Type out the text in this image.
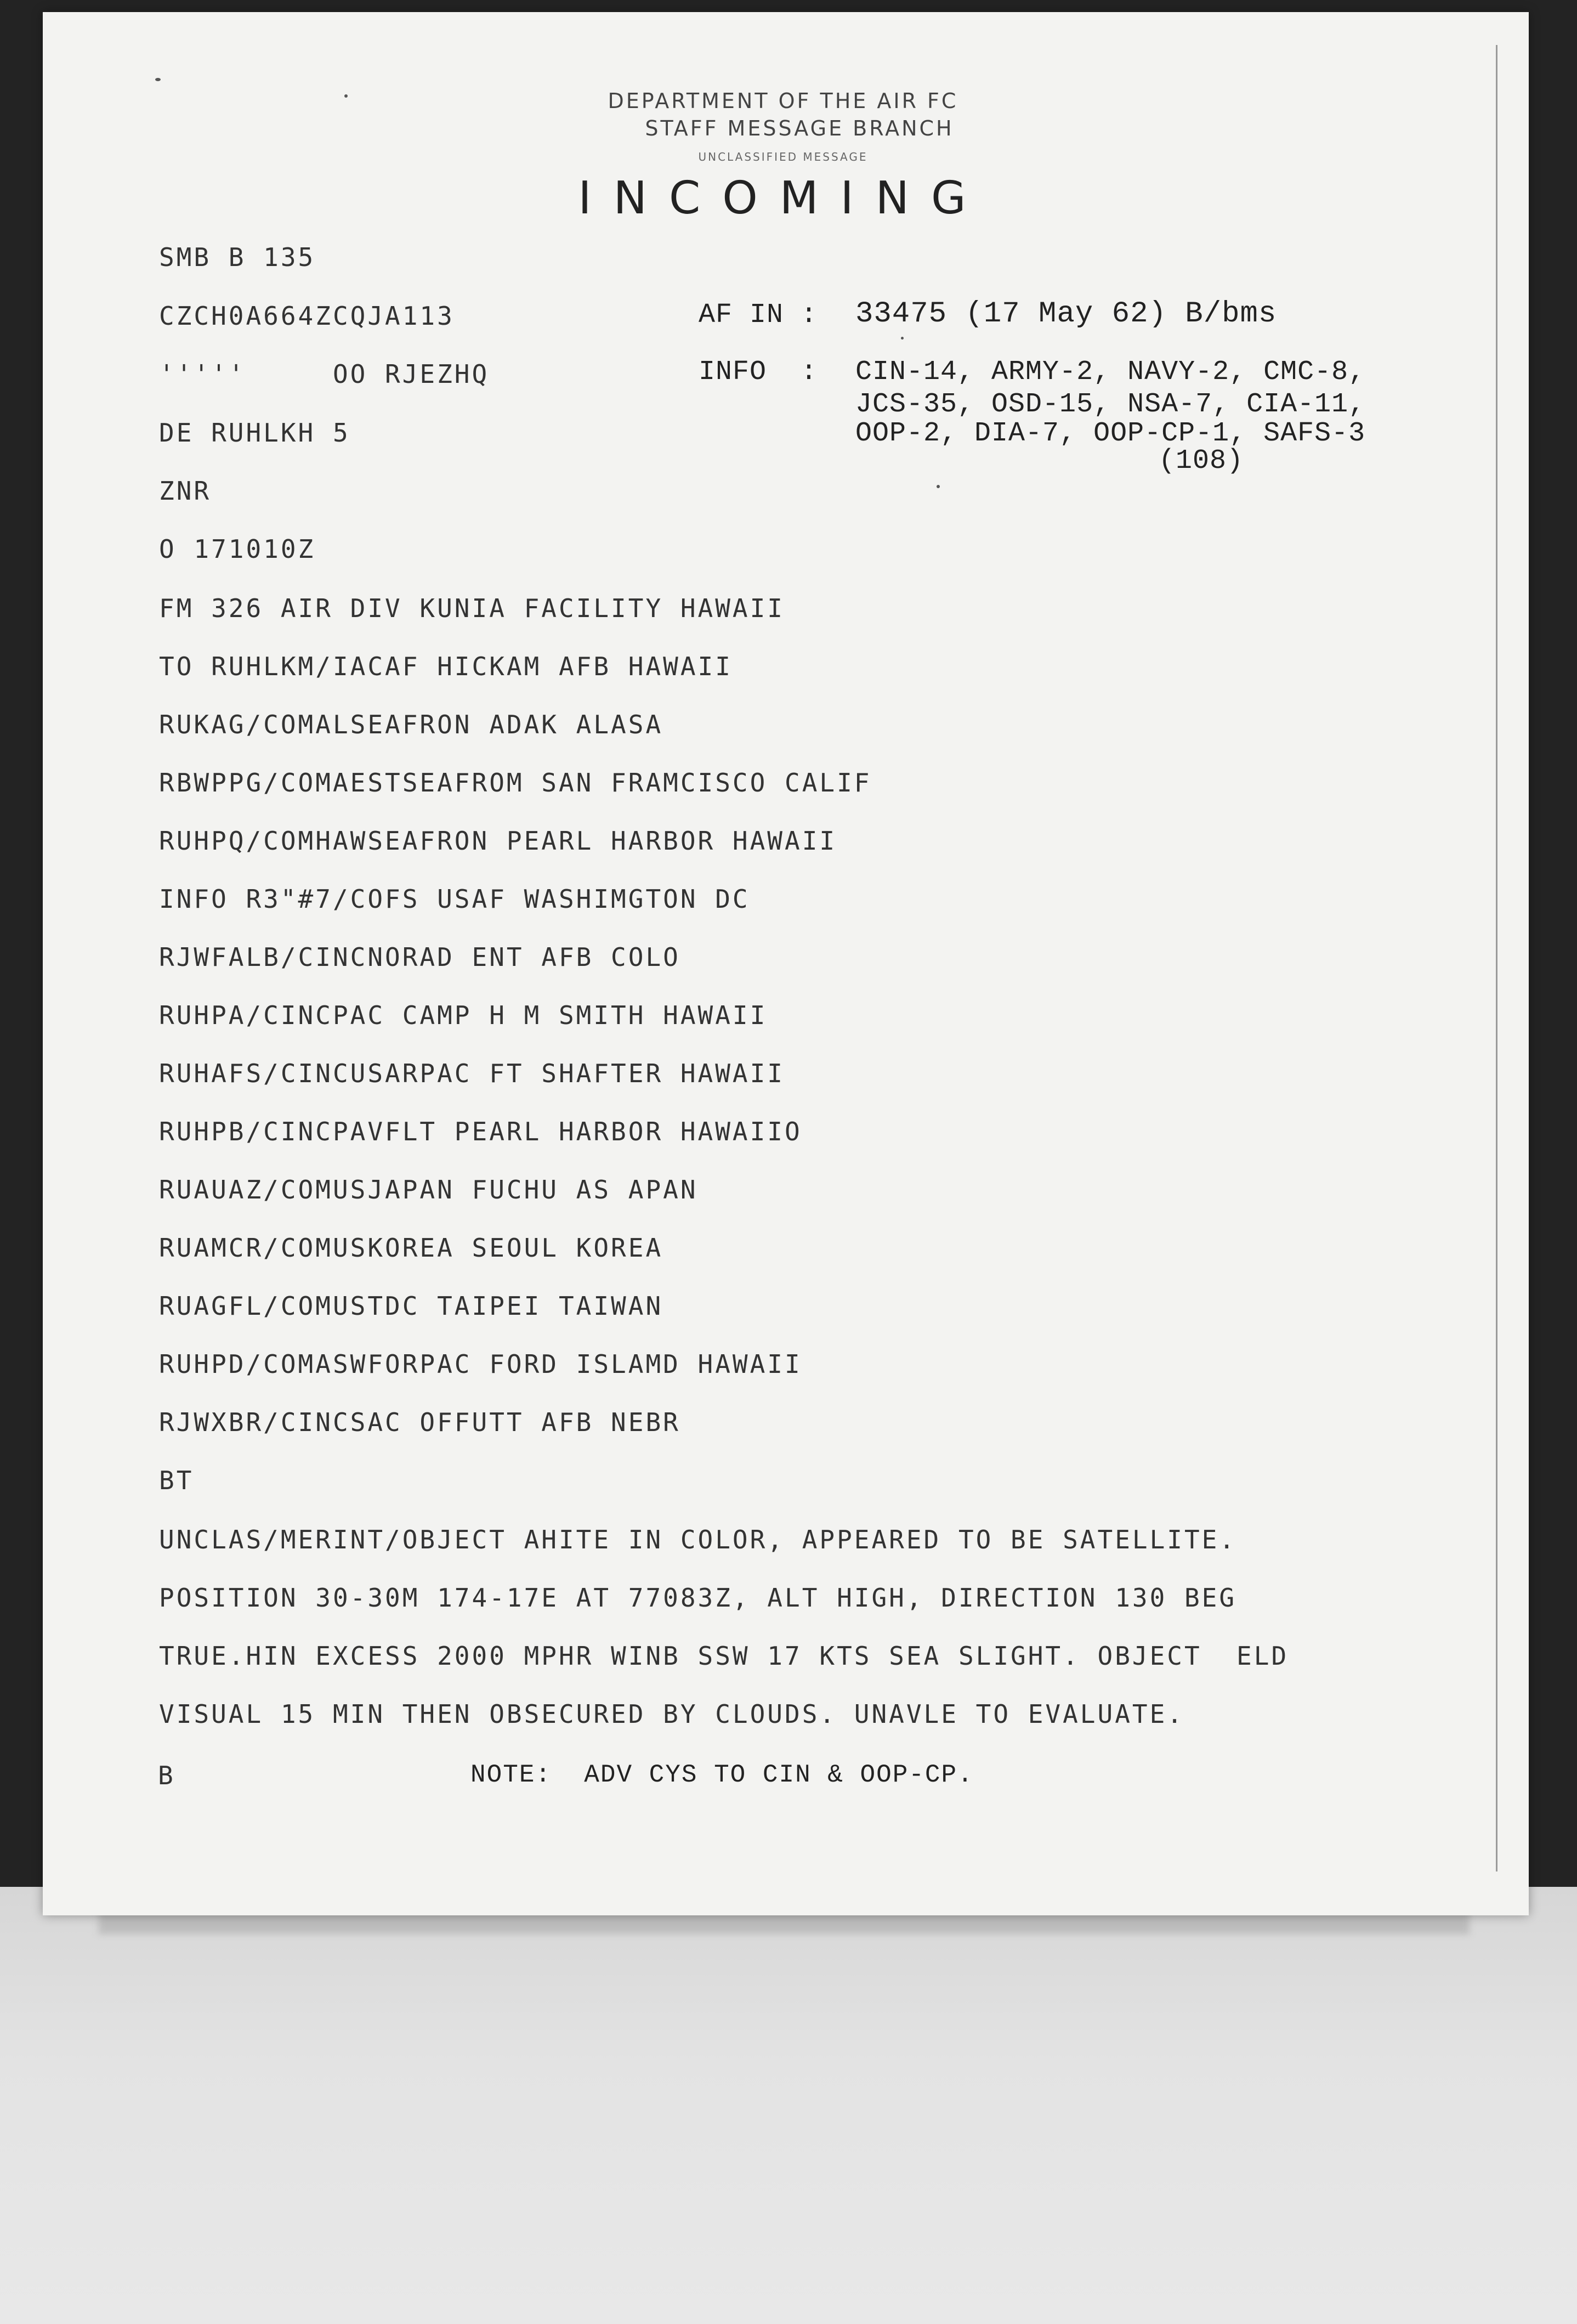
DEPARTMENT OF THE AIR FC
STAFF MESSAGE BRANCH
UNCLASSIFIED MESSAGE
INCOMING
SMB B 135
CZCH0A664ZCQJA113
'''''     OO RJEZHQ
DE RUHLKH 5
ZNR
O 171010Z
AF IN : 33475 (17 May 62) B/bms
INFO  : CIN-14, ARMY-2, NAVY-2, CMC-8,
JCS-35, OSD-15, NSA-7, CIA-11,
OOP-2, DIA-7, OOP-CP-1, SAFS-3
(108)
FM 326 AIR DIV KUNIA FACILITY HAWAII
TO RUHLKM/IACAF HICKAM AFB HAWAII
RUKAG/COMALSEAFRON ADAK ALASA
RBWPPG/COMAESTSEAFROM SAN FRAMCISCO CALIF
RUHPQ/COMHAWSEAFRON PEARL HARBOR HAWAII
INFO R3"#7/COFS USAF WASHIMGTON DC
RJWFALB/CINCNORAD ENT AFB COLO
RUHPA/CINCPAC CAMP H M SMITH HAWAII
RUHAFS/CINCUSARPAC FT SHAFTER HAWAII
RUHPB/CINCPAVFLT PEARL HARBOR HAWAIIO
RUAUAZ/COMUSJAPAN FUCHU AS APAN
RUAMCR/COMUSKOREA SEOUL KOREA
RUAGFL/COMUSTDC TAIPEI TAIWAN
RUHPD/COMASWFORPAC FORD ISLAMD HAWAII
RJWXBR/CINCSAC OFFUTT AFB NEBR
BT
UNCLAS/MERINT/OBJECT AHITE IN COLOR, APPEARED TO BE SATELLITE.
POSITION 30-30M 174-17E AT 77083Z, ALT HIGH, DIRECTION 130 BEG
TRUE.HIN EXCESS 2000 MPHR WINB SSW 17 KTS SEA SLIGHT. OBJECT  ELD
VISUAL 15 MIN THEN OBSECURED BY CLOUDS. UNAVLE TO EVALUATE.
B	NOTE:  ADV CYS TO CIN & OOP-CP.
